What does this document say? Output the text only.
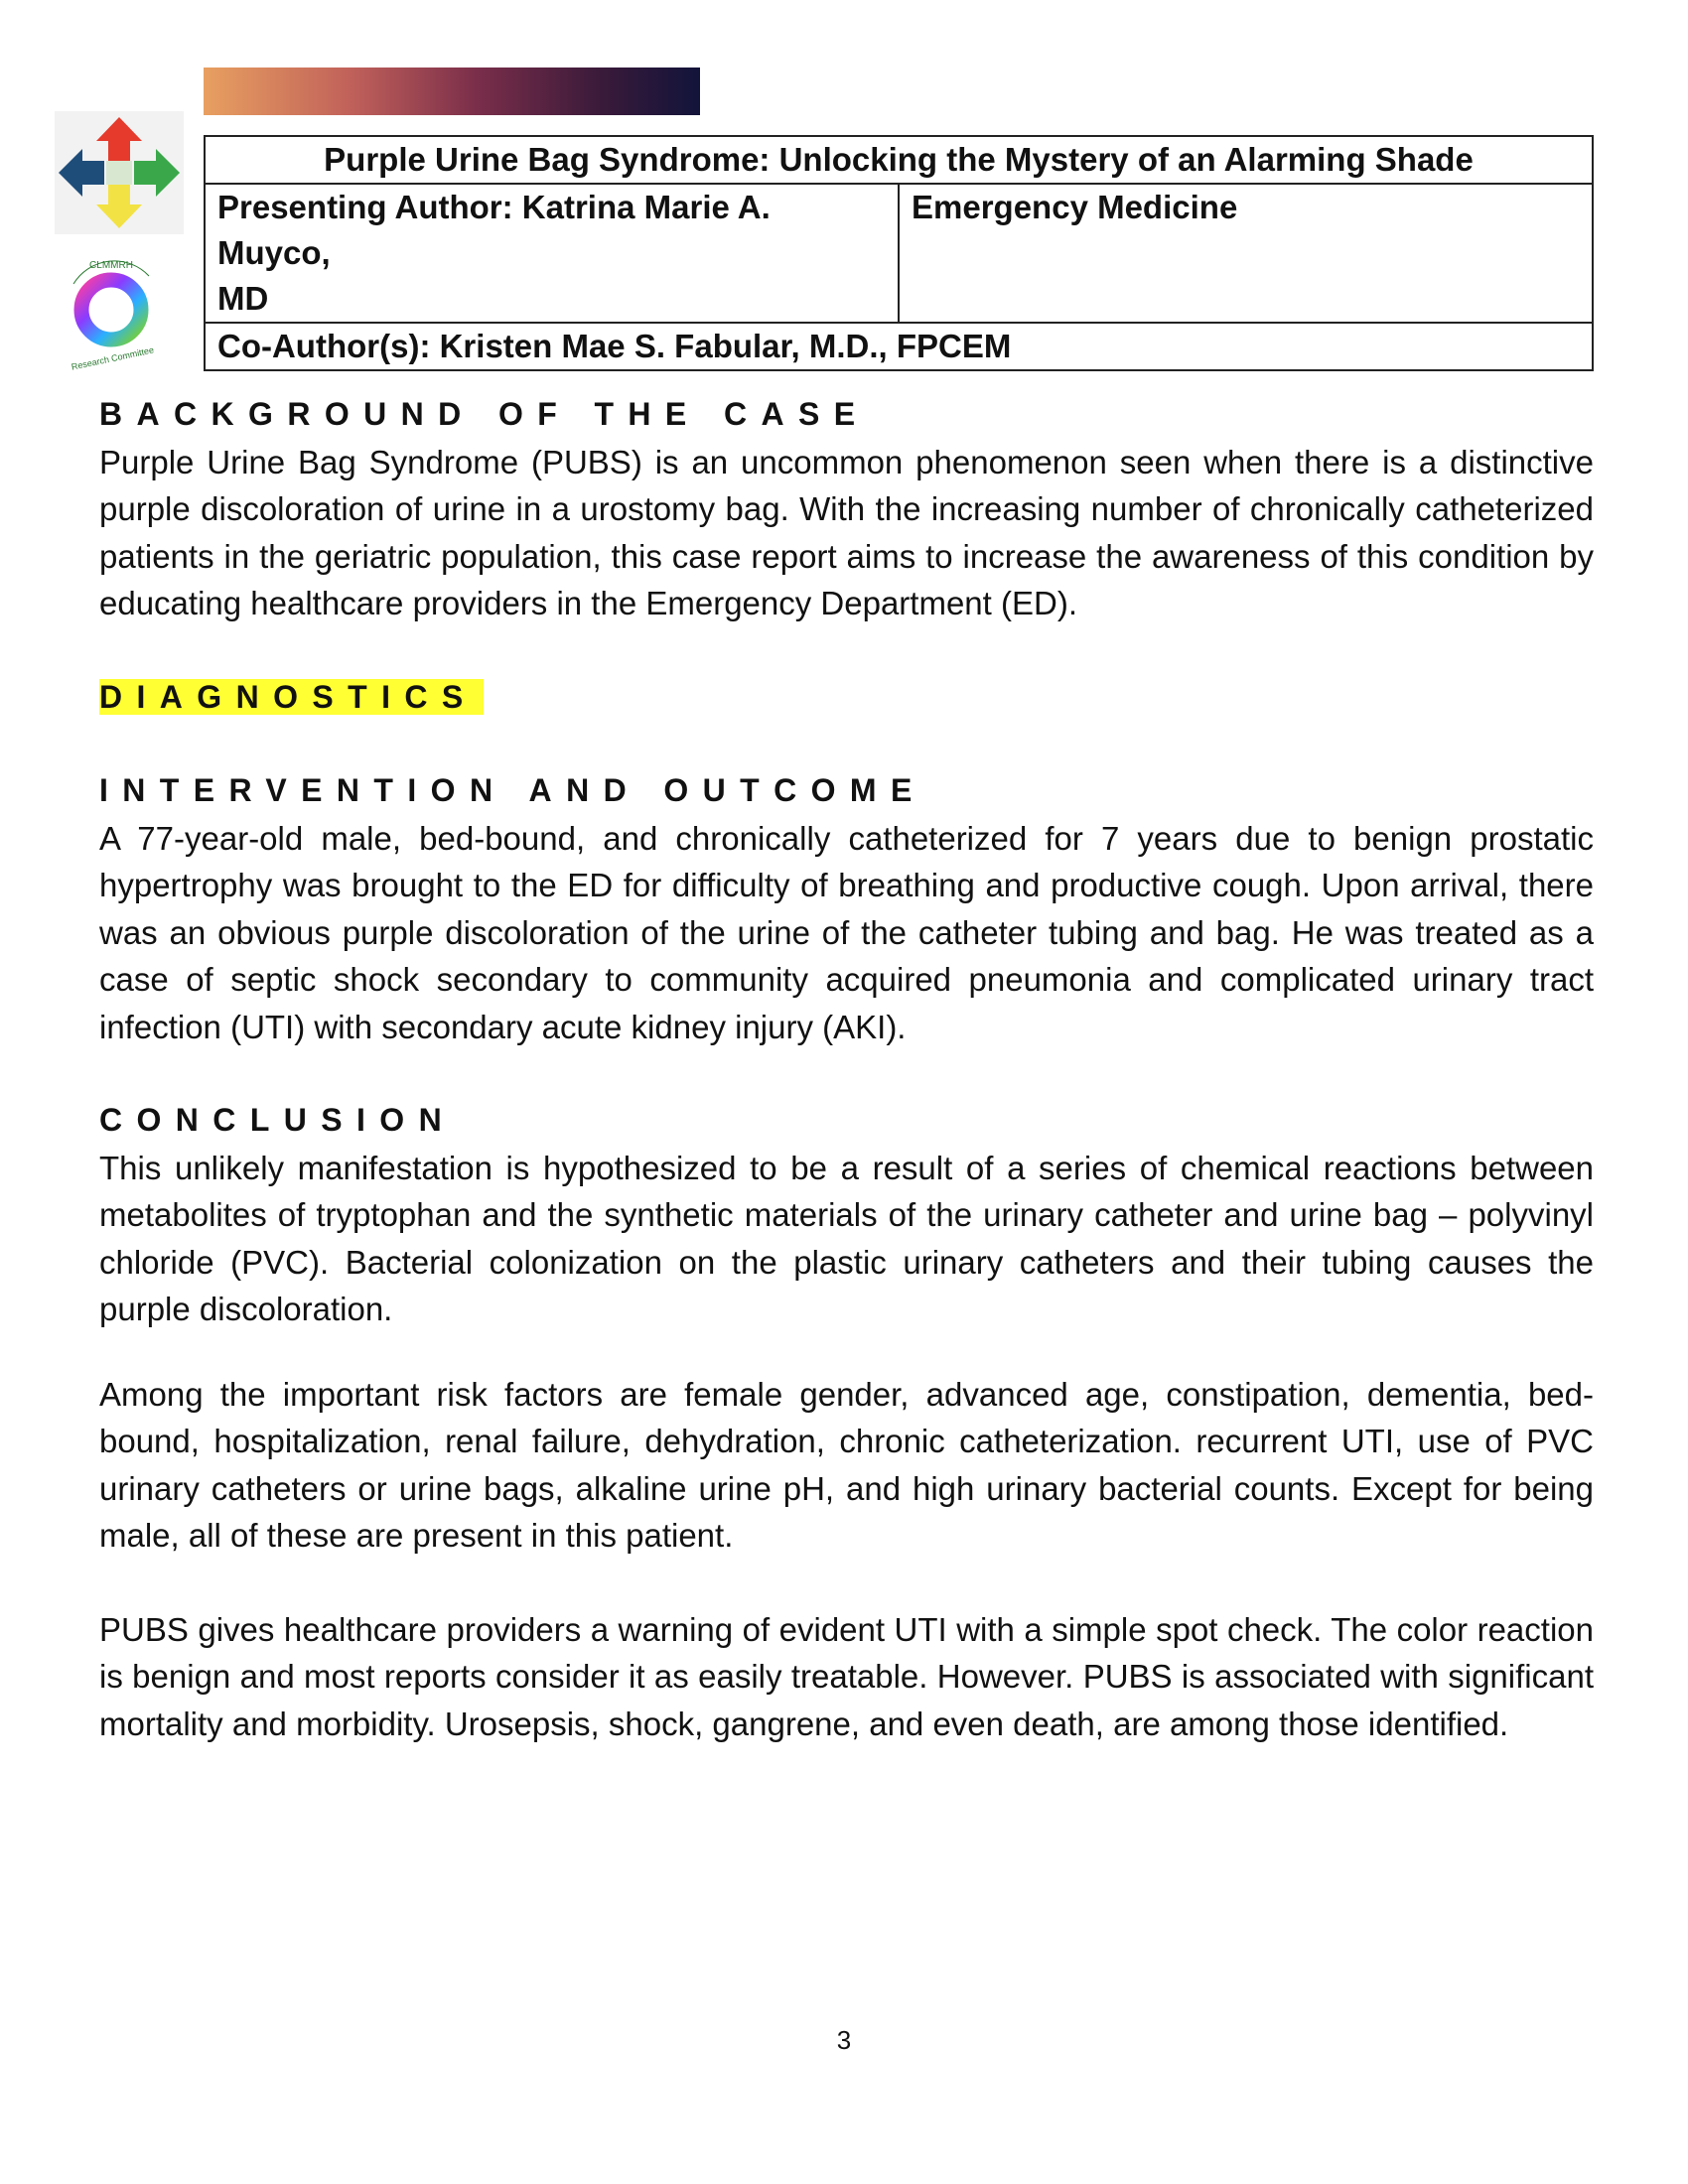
CLMMRH
Research Committee
Purple Urine Bag Syndrome: Unlocking the Mystery of an Alarming Shade
Presenting Author: Katrina Marie A. Muyco,
MD	Emergency Medicine
Co-Author(s): Kristen Mae S. Fabular, M.D., FPCEM
BACKGROUND OF THE CASE

Purple Urine Bag Syndrome (PUBS) is an uncommon phenomenon seen when there is a distinctive purple discoloration of urine in a urostomy bag. With the increasing number of chronically catheterized patients in the geriatric population, this case report aims to increase the awareness of this condition by educating healthcare providers in the Emergency Department (ED).

DIAGNOSTICS
INTERVENTION AND OUTCOME

A 77-year-old male, bed-bound, and chronically catheterized for 7 years due to benign prostatic hypertrophy was brought to the ED for difficulty of breathing and productive cough. Upon arrival, there was an obvious purple discoloration of the urine of the catheter tubing and bag. He was treated as a case of septic shock secondary to community acquired pneumonia and complicated urinary tract infection (UTI) with secondary acute kidney injury (AKI).

CONCLUSION

This unlikely manifestation is hypothesized to be a result of a series of chemical reactions between metabolites of tryptophan and the synthetic materials of the urinary catheter and urine bag – polyvinyl chloride (PVC). Bacterial colonization on the plastic urinary catheters and their tubing causes the purple discoloration.

Among the important risk factors are female gender, advanced age, constipation, dementia, bed-bound, hospitalization, renal failure, dehydration, chronic catheterization. recurrent UTI, use of PVC urinary catheters or urine bags, alkaline urine pH, and high urinary bacterial counts. Except for being male, all of these are present in this patient.

PUBS gives healthcare providers a warning of evident UTI with a simple spot check. The color reaction is benign and most reports consider it as easily treatable. However. PUBS is associated with significant mortality and morbidity. Urosepsis, shock, gangrene, and even death, are among those identified.

3
